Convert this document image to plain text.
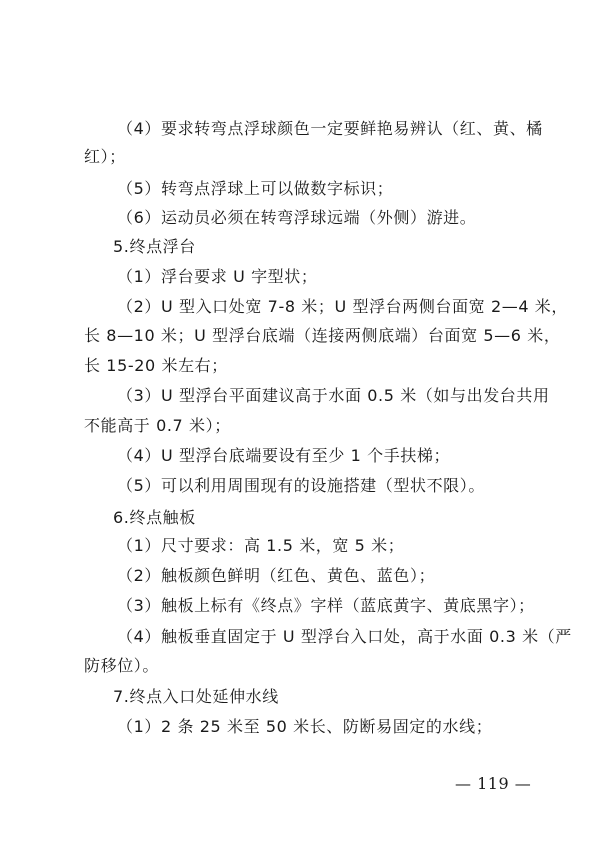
（4）要求转弯点浮球颜色一定要鲜艳易辨认（红、黄、橘
红）；
（5）转弯点浮球上可以做数字标识；
（6）运动员必须在转弯浮球远端（外侧）游进。
5.终点浮台
（1）浮台要求 U 字型状；
（2）U 型入口处宽 7-8 米；U 型浮台两侧台面宽 2—4 米，
长 8—10 米；U 型浮台底端（连接两侧底端）台面宽 5—6 米，
长 15-20 米左右；
（3）U 型浮台平面建议高于水面 0.5 米（如与出发台共用
不能高于 0.7 米）；
（4）U 型浮台底端要设有至少 1 个手扶梯；
（5）可以利用周围现有的设施搭建（型状不限）。
6.终点触板
（1）尺寸要求：高 1.5 米，宽 5 米；
（2）触板颜色鲜明（红色、黄色、蓝色）；
（3）触板上标有《终点》字样（蓝底黄字、黄底黑字）；
（4）触板垂直固定于 U 型浮台入口处，高于水面 0.3 米（严
防移位）。
7.终点入口处延伸水线
（1）2 条 25 米至 50 米长、防断易固定的水线；
— 119 —
